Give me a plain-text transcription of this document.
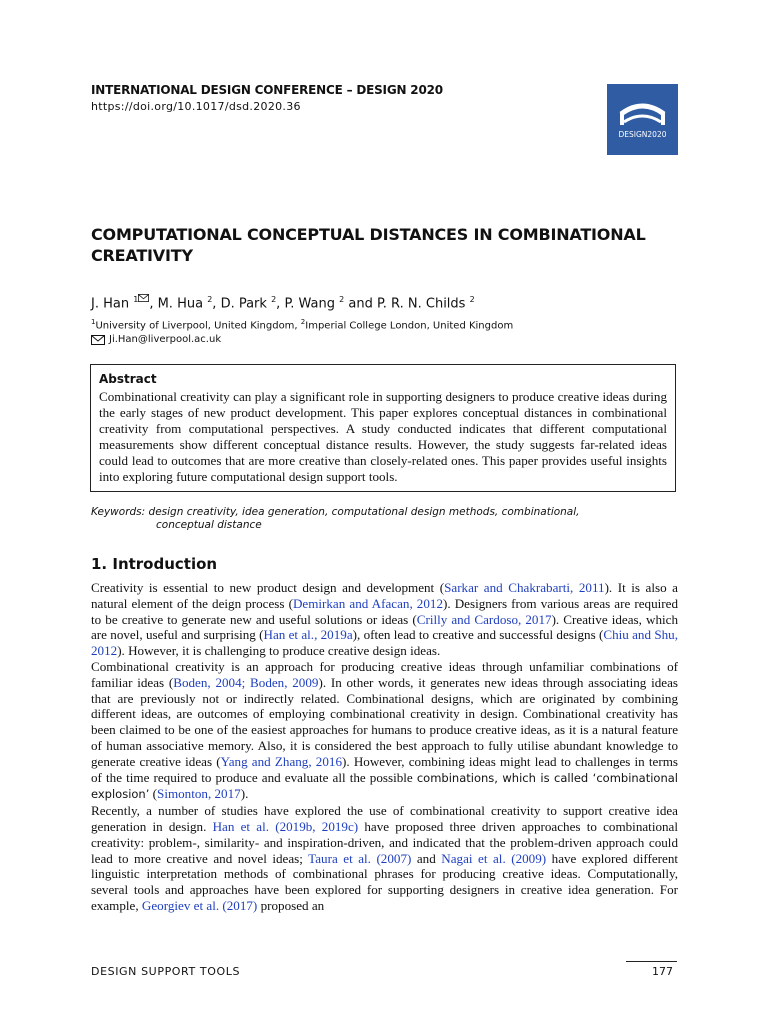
INTERNATIONAL DESIGN CONFERENCE – DESIGN 2020
https://doi.org/10.1017/dsd.2020.36
DESIGN2020
COMPUTATIONAL CONCEPTUAL DISTANCES IN COMBINATIONAL CREATIVITY
J. Han $^1$ , M. Hua $^2$, D. Park $^2$, P. Wang $^2$ and P. R. N. Childs $^2$
$^1$University of Liverpool, United Kingdom, $^2$Imperial College London, United Kingdom
Ji.Han@liverpool.ac.uk
Abstract

Combinational creativity can play a significant role in supporting designers to produce creative ideas during the early stages of new product development. This paper explores conceptual distances in combinational creativity from computational perspectives. A study conducted indicates that different computational measurements show different conceptual distance results. However, the study suggests far-related ideas could lead to outcomes that are more creative than closely-related ones. This paper provides useful insights into exploring future computational design support tools.

Keywords: design creativity, idea generation, computational design methods, combinational,
conceptual distance
1. Introduction

Creativity is essential to new product design and development (Sarkar and Chakrabarti, 2011). It is also a natural element of the deign process (Demirkan and Afacan, 2012). Designers from various areas are required to be creative to generate new and useful solutions or ideas (Crilly and Cardoso, 2017). Creative ideas, which are novel, useful and surprising (Han et al., 2019a), often lead to creative and successful designs (Chiu and Shu, 2012). However, it is challenging to produce creative design ideas.

Combinational creativity is an approach for producing creative ideas through unfamiliar combinations of familiar ideas (Boden, 2004; Boden, 2009). In other words, it generates new ideas through associating ideas that are previously not or indirectly related. Combinational designs, which are originated by combining different ideas, are outcomes of employing combinational creativity in design. Combinational creativity has been claimed to be one of the easiest approaches for humans to produce creative ideas, as it is a natural feature of human associative memory. Also, it is considered the best approach to fully utilise abundant knowledge to generate creative ideas (Yang and Zhang, 2016). However, combining ideas might lead to challenges in terms of the time required to produce and evaluate all the possible combinations, which is called ‘combinational explosion’ (Simonton, 2017).

Recently, a number of studies have explored the use of combinational creativity to support creative idea generation in design. Han et al. (2019b, 2019c) have proposed three driven approaches to combinational creativity: problem-, similarity- and inspiration-driven, and indicated that the problem-driven approach could lead to more creative and novel ideas; Taura et al. (2007) and Nagai et al. (2009) have explored different linguistic interpretation methods of combinational phrases for producing creative ideas. Computationally, several tools and approaches have been explored for supporting designers in creative idea generation. For example, Georgiev et al. (2017) proposed an

DESIGN SUPPORT TOOLS	177
